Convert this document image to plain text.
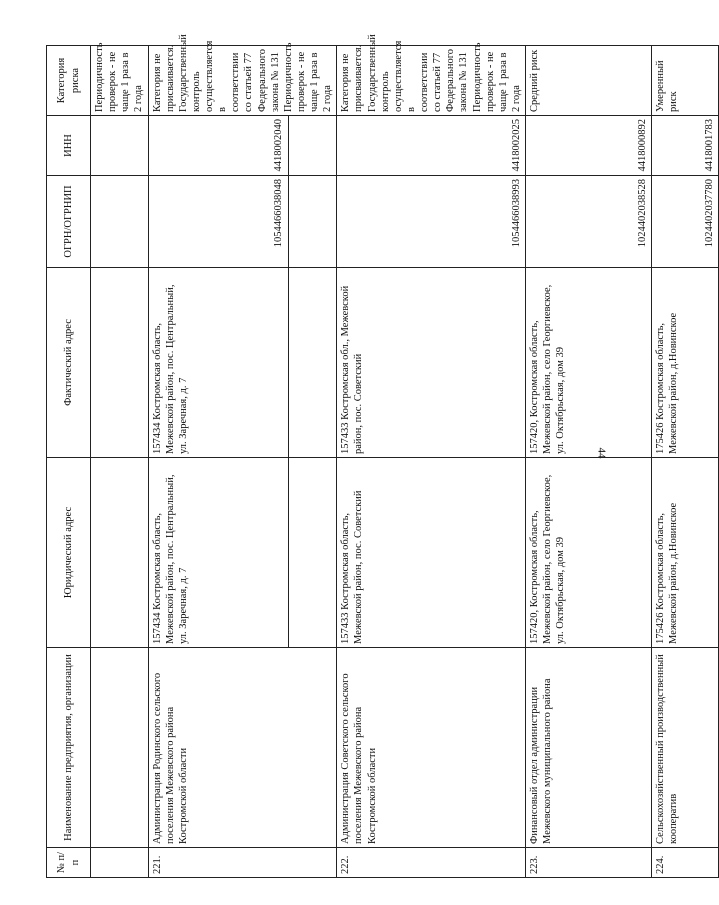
44
№ п/п	Наименование предприятия, организации	Юридический адрес	Фактический адрес	ОГРН/ОГРНИП	ИНН	Категория риска
						Периодичность проверок - не чаще 1 раза в 2 года
221.	Администрация Родинского сельского поселения Межевского района Костромской области	157434 Костромская область, Межевской район, пос. Центральный, ул. Заречная, д. 7	157434 Костромская область, Межевской район, пос. Центральный, ул. Заречная, д. 7	1054466038048	4418002040	Категория не присваивается. Государственный контроль осуществляется в соответствии со статьей 77 Федерального закона № 131 Периодичность проверок - не чаще 1 раза в 2 года

222.	Администрация Советского сельского поселения Межевского района Костромской области	157433 Костромская область, Межевской район, пос. Советский	157433 Костромская обл., Межевской район, пос. Советский	1054466038993	4418002025	Категория не присваивается. Государственный контроль осуществляется в соответствии со статьей 77 Федерального закона № 131 Периодичность проверок - не чаще 1 раза в 2 года
223.	Финансовый отдел администрации Межевского муниципального района	157420, Костромская область, Межевской район, село Георгиевское, ул. Октябрьская, дом 39	157420, Костромская область, Межевской район, село Георгиевское, ул. Октябрьская, дом 39	1024402038528	4418000892	Средний риск
224.	Сельскохозяйственный производственный кооператив	175426 Костромская область, Межевской район, д.Новинское	175426 Костромская область, Межевской район, д.Новинское	1024402037780	4418001783	Умеренный риск
